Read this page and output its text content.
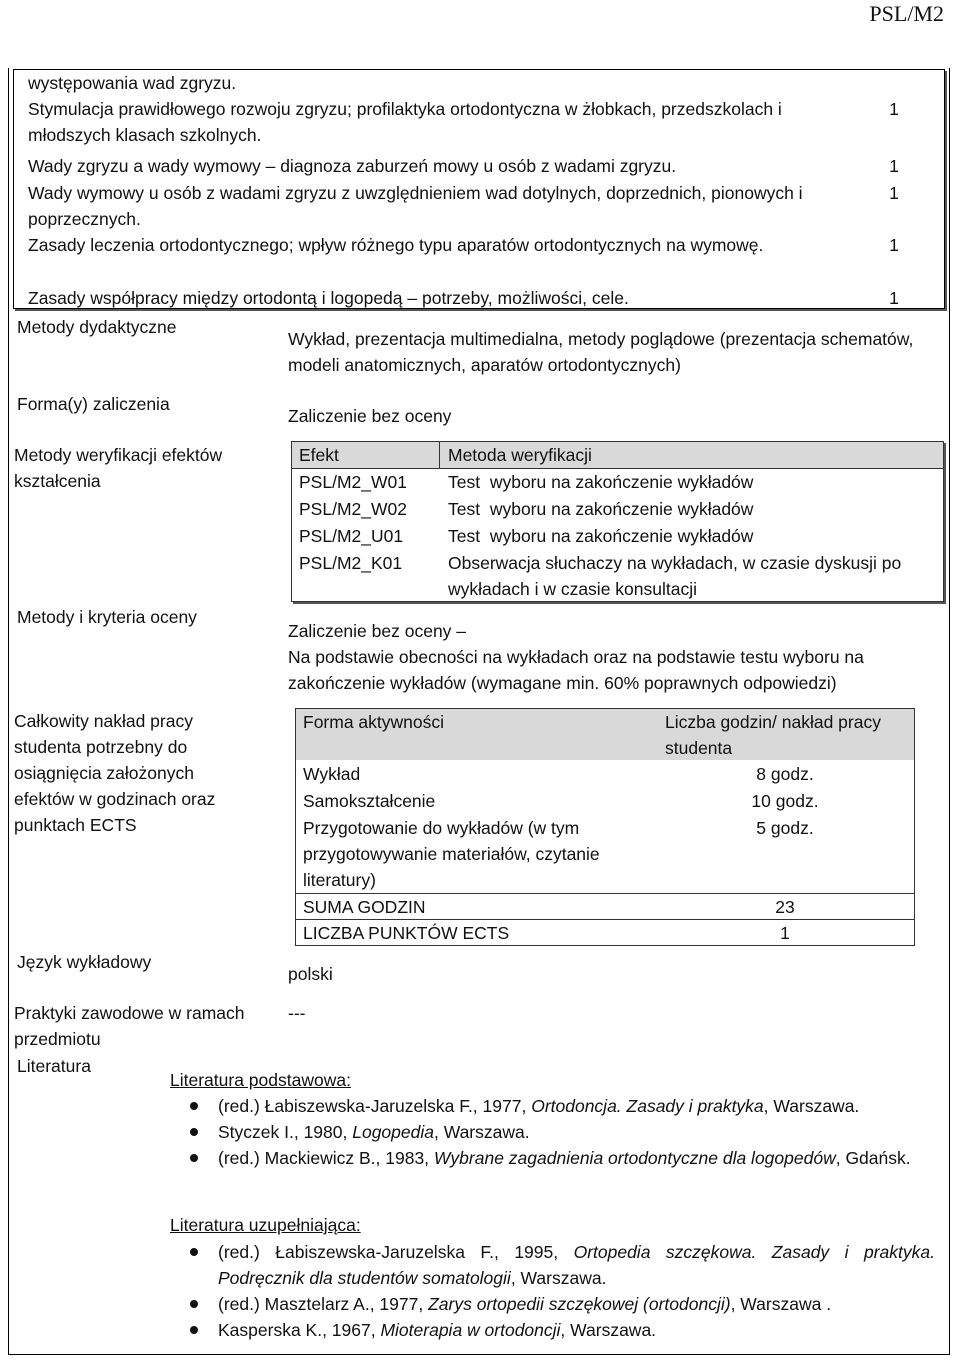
PSL/M2
występowania wad zgryzu.
Stymulacja prawidłowego rozwoju zgryzu; profilaktyka ortodontyczna w żłobkach, przedszkolach i młodszych klasach szkolnych.
1
Wady zgryzu a wady wymowy – diagnoza zaburzeń mowy u osób z wadami zgryzu.	1
Wady wymowy u osób z wadami zgryzu z uwzględnieniem wad dotylnych, doprzednich, pionowych i poprzecznych.
1
Zasady leczenia ortodontycznego; wpływ różnego typu aparatów ortodontycznych na wymowę.	1
Zasady współpracy między ortodontą i logopedą – potrzeby, możliwości, cele.	1
Metody dydaktyczne
Wykład, prezentacja multimedialna, metody poglądowe (prezentacja schematów, modeli anatomicznych, aparatów ortodontycznych)
Forma(y) zaliczenia
Zaliczenie bez oceny
Metody weryfikacji efektów kształcenia
Efekt	Metoda weryfikacji
PSL/M2_W01 Test  wyboru na zakończenie wykładów
PSL/M2_W02 Test  wyboru na zakończenie wykładów
PSL/M2_U01	Test  wyboru na zakończenie wykładów
PSL/M2_K01	Obserwacja słuchaczy na wykładach, w czasie dyskusji po wykładach i w czasie konsultacji
Metody i kryteria oceny
Zaliczenie bez oceny –
Na podstawie obecności na wykładach oraz na podstawie testu wyboru na zakończenie wykładów (wymagane min. 60% poprawnych odpowiedzi)
Całkowity nakład pracy studenta potrzebny do osiągnięcia założonych efektów w godzinach oraz punktach ECTS
Forma aktywności	Liczba godzin/ nakład pracy studenta
Wykład	8 godz.
Samokształcenie	10 godz.
Przygotowanie do wykładów (w tym przygotowywanie materiałów, czytanie literatury)
5 godz.
SUMA GODZIN	23
LICZBA PUNKTÓW ECTS	1
Język wykładowy
polski
Praktyki zawodowe w ramach przedmiotu
---
Literatura
Literatura podstawowa:
(red.) Łabiszewska-Jaruzelska F., 1977, Ortodoncja. Zasady i praktyka, Warszawa.
Styczek I., 1980, Logopedia, Warszawa.
(red.) Mackiewicz B., 1983, Wybrane zagadnienia ortodontyczne dla logopedów, Gdańsk.
Literatura uzupełniająca:
(red.) Łabiszewska-Jaruzelska F., 1995, Ortopedia szczękowa. Zasady i praktyka. Podręcznik dla studentów somatologii, Warszawa.
(red.) Masztelarz A., 1977, Zarys ortopedii szczękowej (ortodoncji), Warszawa .
Kasperska K., 1967, Mioterapia w ortodoncji, Warszawa.
